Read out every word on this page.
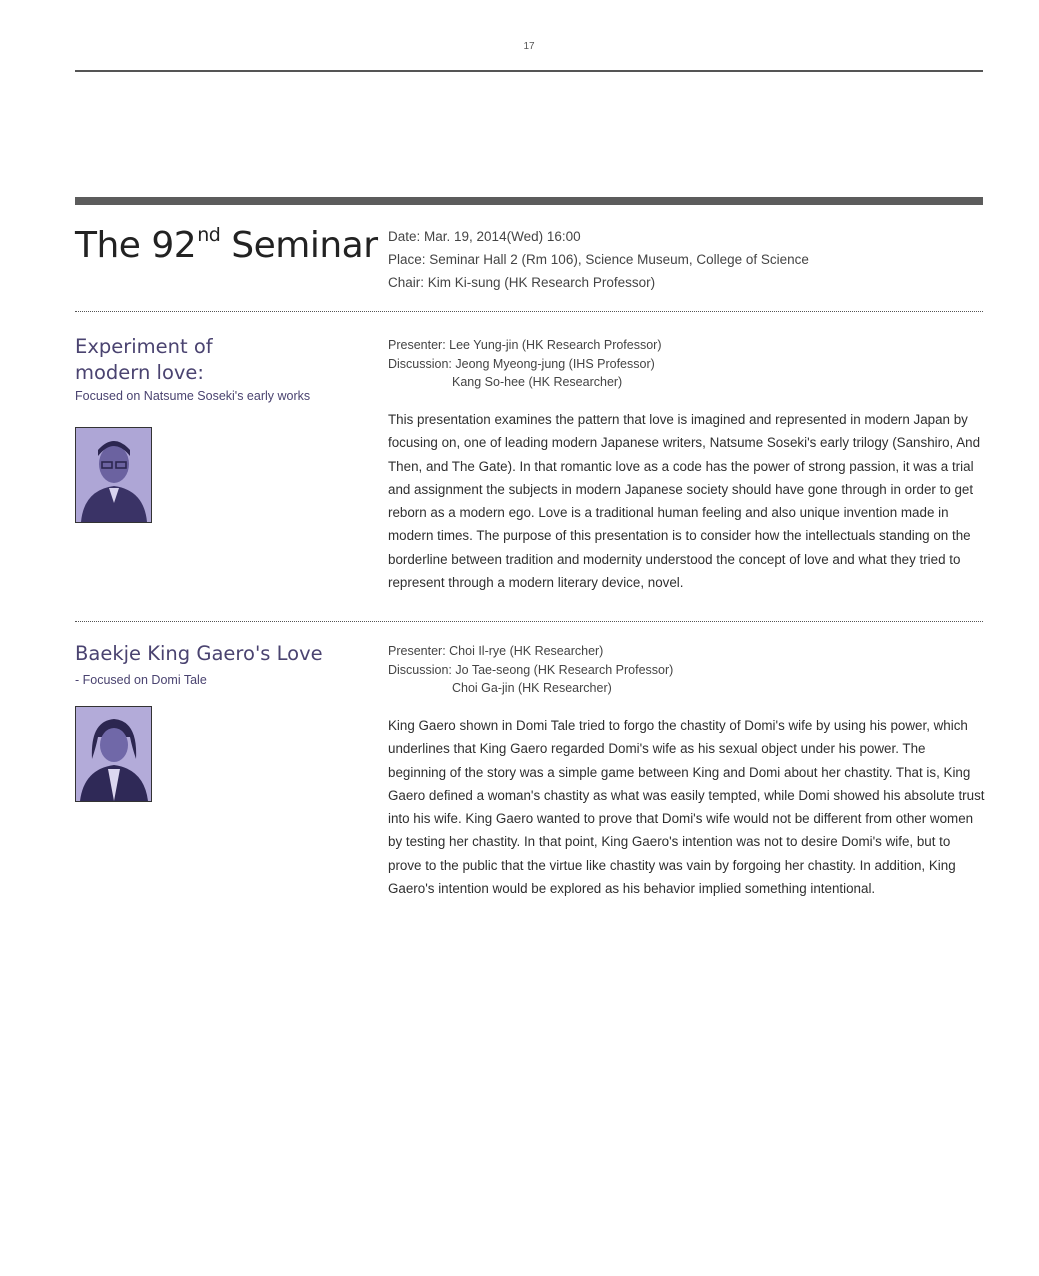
17
The 92nd Seminar Date: Mar. 19, 2014(Wed) 16:00
Place: Seminar Hall 2 (Rm 106), Science Museum, College of Science
Chair: Kim Ki-sung (HK Research Professor)
Experiment of
modern love:
Focused on Natsume Soseki's early works
Presenter: Lee Yung-jin (HK Research Professor)
Discussion: Jeong Myeong-jung (IHS Professor)
Kang So-hee (HK Researcher)
This presentation examines the pattern that love is imagined and represented in modern Japan by focusing on, one of leading modern Japanese writers, Natsume Soseki's early trilogy (Sanshiro, And Then, and The Gate). In that romantic love as a code has the power of strong passion, it was a trial and assignment the subjects in modern Japanese society should have gone through in order to get reborn as a modern ego. Love is a traditional human feeling and also unique invention made in modern times. The purpose of this presentation is to consider how the intellectuals standing on the borderline between tradition and modernity understood the concept of love and what they tried to represent through a modern literary device, novel.
Baekje King Gaero's Love
- Focused on Domi Tale
Presenter: Choi Il-rye (HK Researcher)
Discussion: Jo Tae-seong (HK Research Professor)
Choi Ga-jin (HK Researcher)
King Gaero shown in Domi Tale tried to forgo the chastity of Domi's wife by using his power, which underlines that King Gaero regarded Domi's wife as his sexual object under his power. The beginning of the story was a simple game between King and Domi about her chastity. That is, King Gaero defined a woman's chastity as what was easily tempted, while Domi showed his absolute trust into his wife. King Gaero wanted to prove that Domi's wife would not be different from other women by testing her chastity. In that point, King Gaero's intention was not to desire Domi's wife, but to prove to the public that the virtue like chastity was vain by forgoing her chastity. In addition, King Gaero's intention would be explored as his behavior implied something intentional.
